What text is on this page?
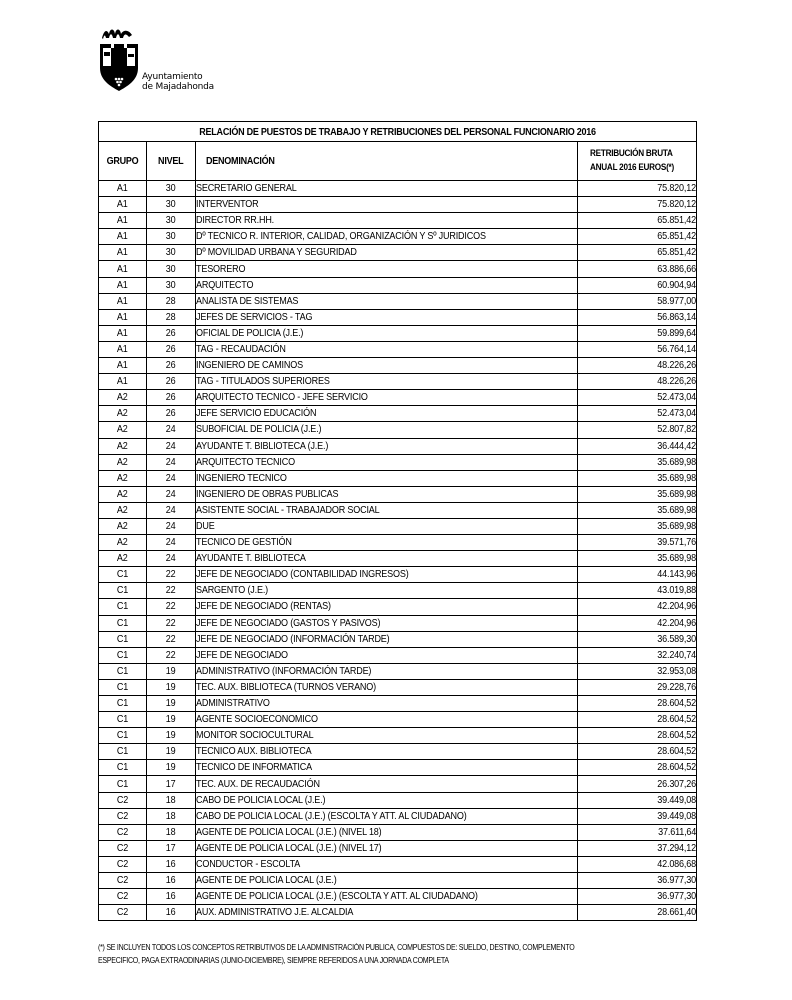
Ayuntamiento
de Majadahonda
RELACIÓN DE PUESTOS DE TRABAJO Y RETRIBUCIONES DEL PERSONAL FUNCIONARIO 2016			
GRUPO	NIVEL	DENOMINACIÓN	RETRIBUCIÓN BRUTA
ANUAL 2016 EUROS(*)

A1	30	SECRETARIO GENERAL	75.820,12
A1	30	INTERVENTOR	75.820,12
A1	30	DIRECTOR RR.HH.	65.851,42
A1	30	Dº TECNICO R. INTERIOR, CALIDAD, ORGANIZACIÓN Y Sº JURIDICOS	65.851,42
A1	30	Dº MOVILIDAD URBANA Y SEGURIDAD	65.851,42
A1	30	TESORERO	63.886,66
A1	30	ARQUITECTO	60.904,94
A1	28	ANALISTA DE SISTEMAS	58.977,00
A1	28	JEFES DE SERVICIOS - TAG	56.863,14
A1	26	OFICIAL DE POLICIA (J.E.)	59.899,64
A1	26	TAG - RECAUDACIÓN	56.764,14
A1	26	INGENIERO DE CAMINOS	48.226,26
A1	26	TAG - TITULADOS SUPERIORES	48.226,26
A2	26	ARQUITECTO TECNICO - JEFE SERVICIO	52.473,04
A2	26	JEFE SERVICIO EDUCACIÓN	52.473,04
A2	24	SUBOFICIAL DE POLICIA (J.E.)	52.807,82
A2	24	AYUDANTE T. BIBLIOTECA (J.E.)	36.444,42
A2	24	ARQUITECTO TECNICO	35.689,98
A2	24	INGENIERO TECNICO	35.689,98
A2	24	INGENIERO DE OBRAS PUBLICAS	35.689,98
A2	24	ASISTENTE SOCIAL - TRABAJADOR SOCIAL	35.689,98
A2	24	DUE	35.689,98
A2	24	TECNICO DE GESTIÓN	39.571,76
A2	24	AYUDANTE T. BIBLIOTECA	35.689,98
C1	22	JEFE DE NEGOCIADO (CONTABILIDAD INGRESOS)	44.143,96
C1	22	SARGENTO (J.E.)	43.019,88
C1	22	JEFE DE NEGOCIADO (RENTAS)	42.204,96
C1	22	JEFE DE NEGOCIADO (GASTOS Y PASIVOS)	42.204,96
C1	22	JEFE DE NEGOCIADO (INFORMACIÓN TARDE)	36.589,30
C1	22	JEFE DE NEGOCIADO	32.240,74
C1	19	ADMINISTRATIVO (INFORMACIÓN TARDE)	32.953,08
C1	19	TEC. AUX. BIBLIOTECA (TURNOS VERANO)	29.228,76
C1	19	ADMINISTRATIVO	28.604,52
C1	19	AGENTE SOCIOECONOMICO	28.604,52
C1	19	MONITOR SOCIOCULTURAL	28.604,52
C1	19	TECNICO AUX. BIBLIOTECA	28.604,52
C1	19	TECNICO DE INFORMATICA	28.604,52
C1	17	TEC. AUX. DE RECAUDACIÓN	26.307,26
C2	18	CABO DE POLICIA LOCAL (J.E.)	39.449,08
C2	18	CABO DE POLICIA LOCAL (J.E.) (ESCOLTA Y ATT. AL CIUDADANO)	39.449,08
C2	18	AGENTE DE POLICIA LOCAL (J.E.) (NIVEL 18)	37.611,64
C2	17	AGENTE DE POLICIA LOCAL (J.E.) (NIVEL 17)	37.294,12
C2	16	CONDUCTOR - ESCOLTA	42.086,68
C2	16	AGENTE DE POLICIA LOCAL (J.E.)	36.977,30
C2	16	AGENTE DE POLICIA LOCAL (J.E.) (ESCOLTA Y ATT. AL CIUDADANO)	36.977,30
C2	16	AUX. ADMINISTRATIVO J.E. ALCALDIA	28.661,40
(*) SE INCLUYEN TODOS LOS CONCEPTOS RETRIBUTIVOS DE LA ADMINISTRACIÓN PUBLICA, COMPUESTOS DE: SUELDO, DESTINO, COMPLEMENTO
ESPECIFICO, PAGA EXTRAODINARIAS (JUNIO-DICIEMBRE), SIEMPRE REFERIDOS A UNA JORNADA COMPLETA
